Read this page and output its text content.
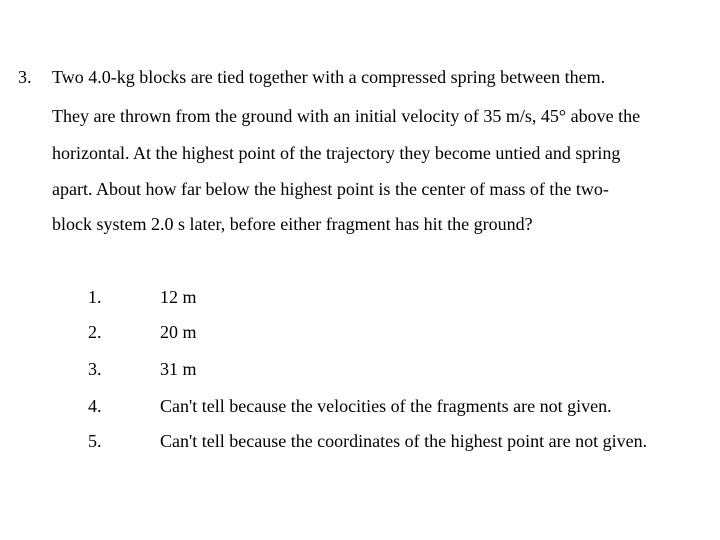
3. Two 4.0-kg blocks are tied together with a compressed spring between them.
They are thrown from the ground with an initial velocity of 35 m/s, 45° above the
horizontal. At the highest point of the trajectory they become untied and spring
apart. About how far below the highest point is the center of mass of the two-
block system 2.0 s later, before either fragment has hit the ground?
1.	12 m
2.	20 m
3.	31 m
4.	Can't tell because the velocities of the fragments are not given.
5.	Can't tell because the coordinates of the highest point are not given.
